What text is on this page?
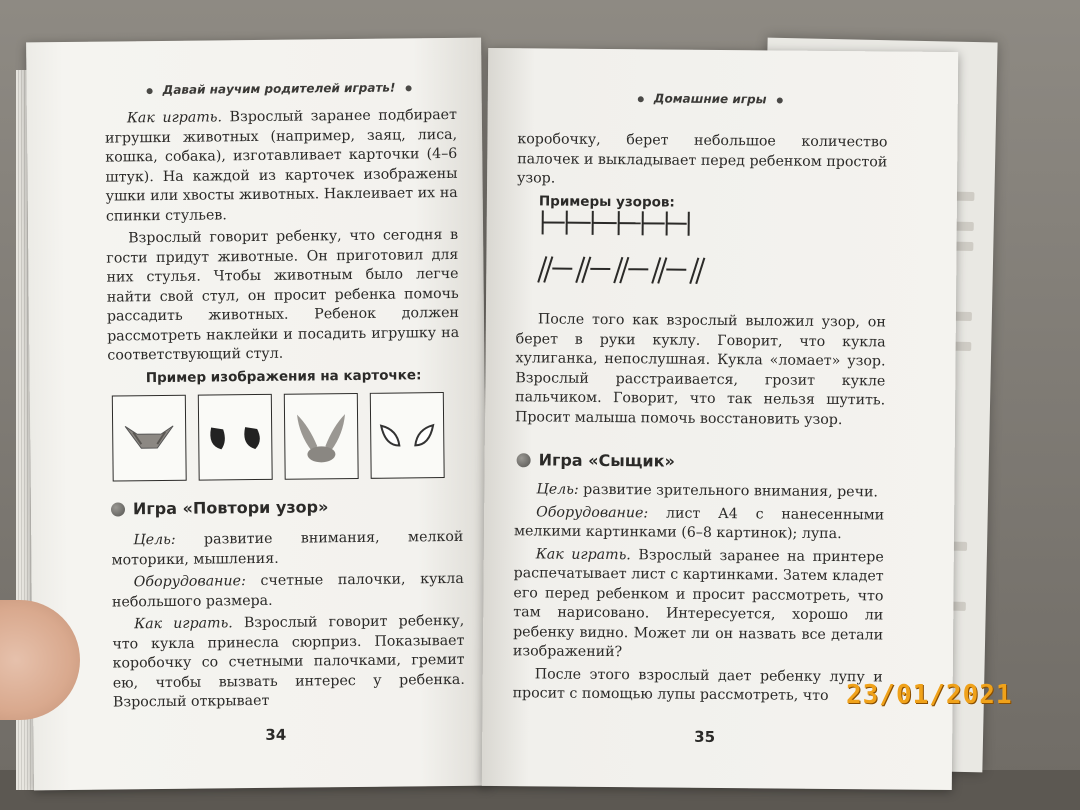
Давай научим родителей играть!

Как играть. Взрослый заранее подбирает игрушки животных (например, заяц, лиса, кошка, собака), изготавливает карточки (4–6 штук). На каждой из карточек изображены ушки или хвосты животных. Наклеивает их на спинки стульев.

Взрослый говорит ребенку, что сегодня в гости придут животные. Он приготовил для них стулья. Чтобы животным было легче найти свой стул, он просит ребенка помочь рассадить животных. Ребенок должен рассмотреть наклейки и посадить игрушку на соответствующий стул.

Пример изображения на карточке:

Игра «Повтори узор»

Цель: развитие внимания, мелкой моторики, мышления.

Оборудование: счетные палочки, кукла небольшого размера.

Как играть. Взрослый говорит ребенку, что кукла принесла сюрприз. Показывает коробочку со счетными палочками, гремит ею, чтобы вызвать интерес у ребенка. Взрослый открывает

34
Домашние игры

коробочку, берет небольшое количество палочек и выкладывает перед ребенком простой узор.

Примеры узоров:

После того как взрослый выложил узор, он берет в руки куклу. Говорит, что кукла хулиганка, непослушная. Кукла «ломает» узор. Взрослый расстраивается, грозит кукле пальчиком. Говорит, что так нельзя шутить. Просит малыша помочь восстановить узор.

Игра «Сыщик»

Цель: развитие зрительного внимания, речи.

Оборудование: лист А4 с нанесенными мелкими картинками (6–8 картинок); лупа.

Как играть. Взрослый заранее на принтере распечатывает лист с картинками. Затем кладет его перед ребенком и просит рассмотреть, что там нарисовано. Интересуется, хорошо ли ребенку видно. Может ли он назвать все детали изображений?

После этого взрослый дает ребенку лупу и просит с помощью лупы рассмотреть, что

35
23/01/2021
